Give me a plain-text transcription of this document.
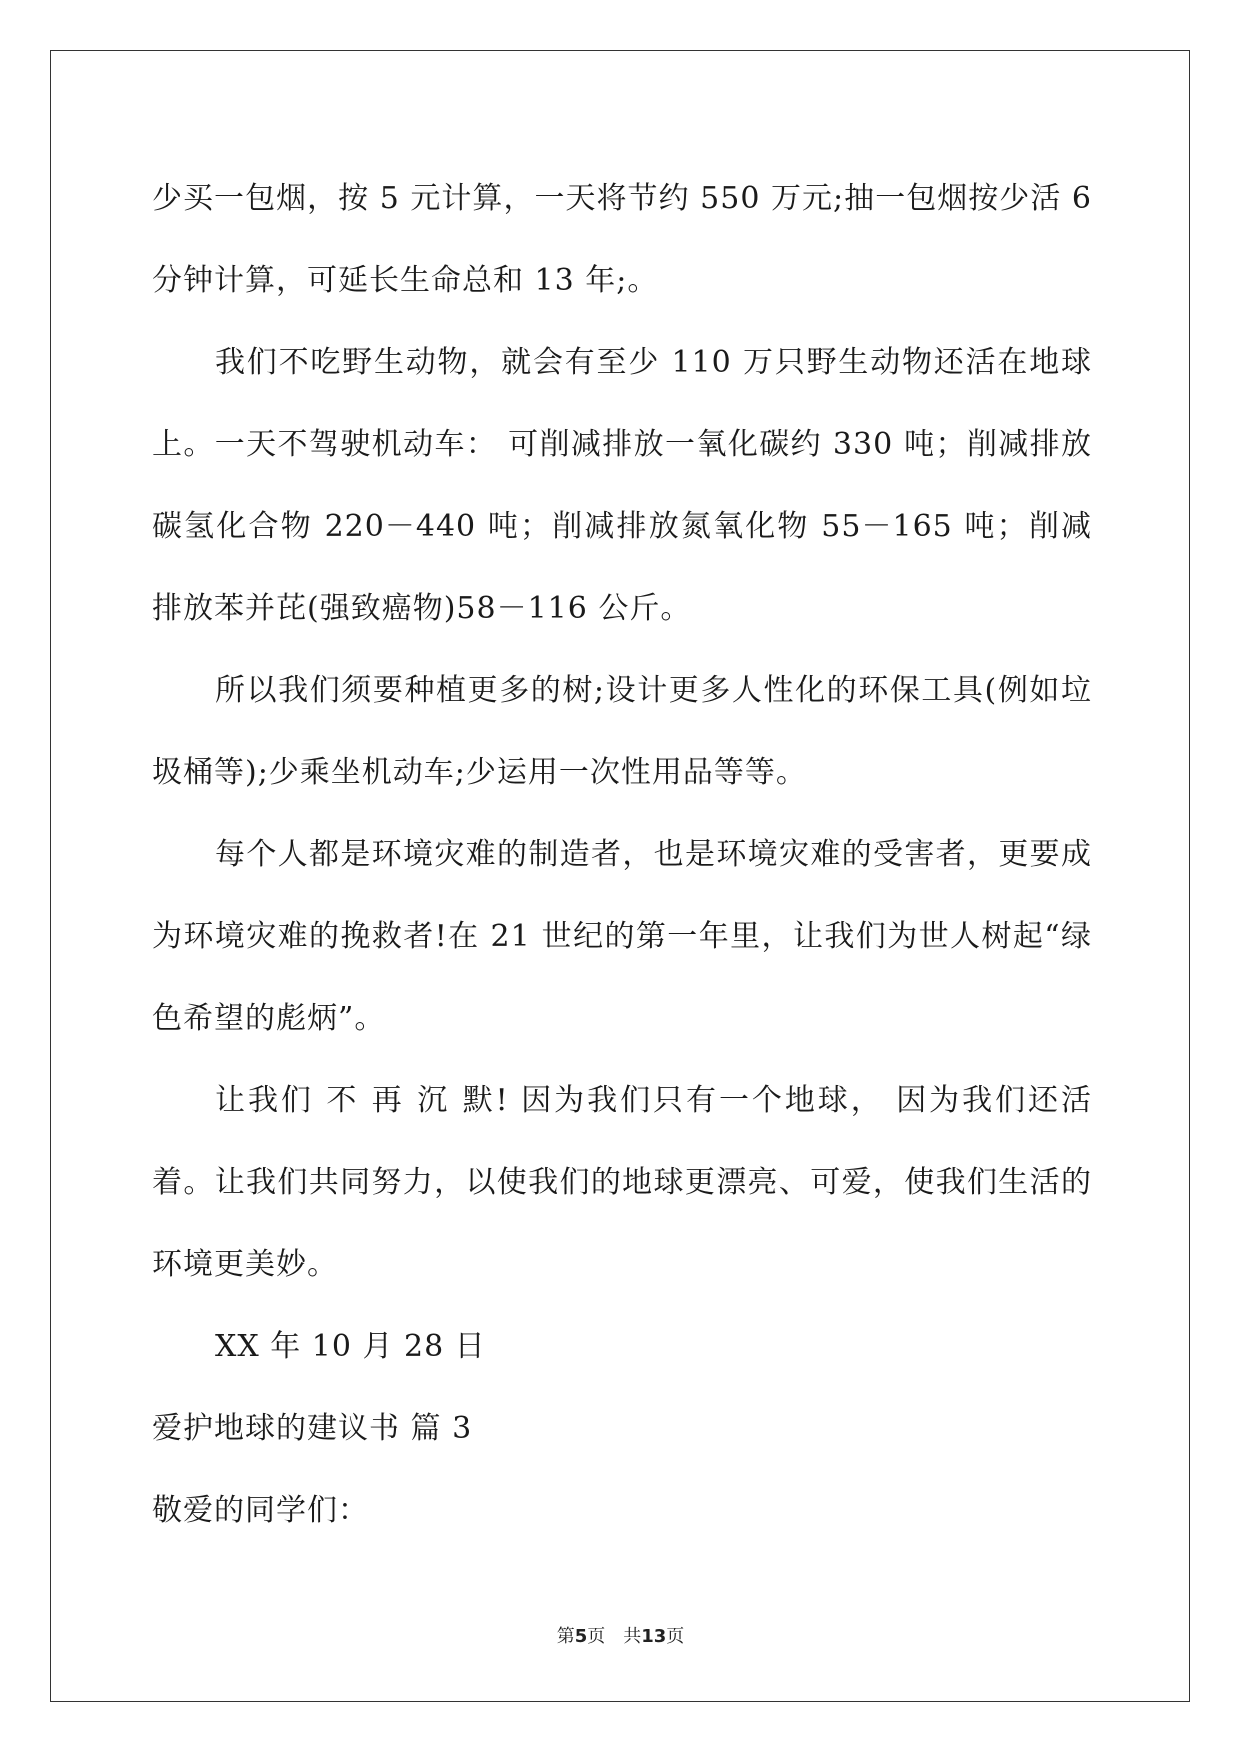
少买一包烟，按 5 元计算，一天将节约 550 万元;抽一包烟按少活 6 分钟计算，可延长生命总和 13 年;。

我们不吃野生动物，就会有至少 110 万只野生动物还活在地球上。一天不驾驶机动车： 可削减排放一氧化碳约 330 吨；削减排放碳氢化合物 220－440 吨；削减排放氮氧化物 55－165 吨；削减排放苯并芘(强致癌物)58－116 公斤。

所以我们须要种植更多的树;设计更多人性化的环保工具(例如垃圾桶等);少乘坐机动车;少运用一次性用品等等。

每个人都是环境灾难的制造者，也是环境灾难的受害者，更要成为环境灾难的挽救者!在 21 世纪的第一年里，让我们为世人树起“绿色希望的彪炳”。

让我们 不 再 沉 默! 因为我们只有一个地球， 因为我们还活着。让我们共同努力，以使我们的地球更漂亮、可爱，使我们生活的环境更美妙。

XX 年 10 月 28 日

爱护地球的建议书 篇 3

敬爱的同学们：

第5页 共13页
